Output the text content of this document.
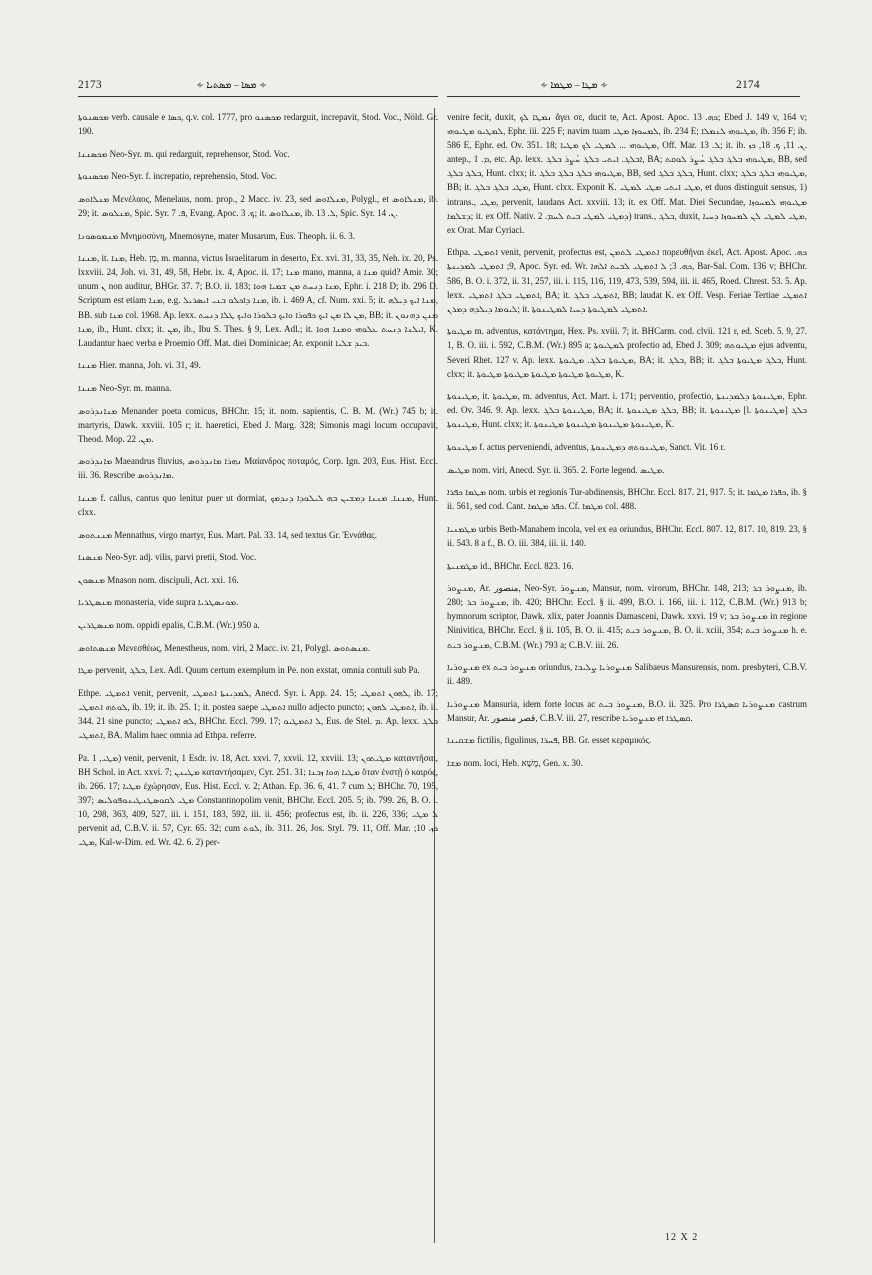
2173	∻ ܡܣܐ – ܡܣܬܝܐ ∻	∻ ܡܛܐ – ܡܛܡܐ ∻	2174
ܡܟܣܢܘܬܐ verb. causale e ܟܣܐ, q.v. col. 1777, pro ܡܟܣܢܘ redarguit, increpavit, Stod. Voc., Nöld. Gr. 190.
ܡܟܣܢܢܐ Neo-Syr. m. qui redarguit, reprehensor, Stod. Voc.
ܡܟܣܢܘܬܐ Neo-Syr. f. increpatio, reprehensio, Stod. Voc.
ܡܢܠܐܘܣ Μενέλαος, Menelaus, nom. prop., 2 Macc. iv. 23, sed ܡܢܠܐܘܣ, Polygl., et ܡܢܠܐܘܣ, ib. 29; it. ܡܢܠܘܣ, Spic. Syr. ܦ. 7, Evang. Apoc. ܟ. 3; it. ܡܢܠܐܘܣ, ib. ܠ. 13, Spic. Syr. ܢ. 14.
ܡܢܡܘܣܘܢܐ Μνημοσύνη, Mnemosyne, mater Musarum, Eus. Theoph. ii. 6. 3.
ܡܢܢܐ, it. ܡܢܐ, Heb. מָן, m. manna, victus Israelitarum in deserto, Ex. xvi. 31, 33, 35, Neh. ix. 20, Ps. lxxviii. 24, Joh. vi. 31, 49, 58, Hebr. ix. 4, Apoc. ii. 17; ܡܢܐ mano, manna, a ܡܢܐ quid? Amir. 30; unum ܢ non auditur, BHGr. 37. 7; B.O. ii. 183; ܡܢܐ ܕܢܚܬ ܡܢ ܫܡܝܐ ܗܘܐ, Ephr. i. 218 D; ib. 296 D. Scriptum est etiam ܡܢܐ, e.g. ܡܢܐ ܕܐܟܠܘ ܒܢܝ ܐܝܣܪܝܠ, ib. i. 469 A, cf. Num. xxi. 5; it. ܡܢܐ ܐܝܟ ܕܝܠܗ, BB. sub ܡܢܐ col. 1968. Ap. lexx. ܡܢ ܠܐ ܡܢ ܐܝܟ ܟܦܘܪܐ ܘܐܝܟ ܒܠܘܪܐ ܘܐܝܟ ܛܠܐ ܕܢܚܬ, BB; it. ܡܢܢ ܕܗܢܘܢ ܡܢܐ, ib., Hunt. clxx; it. ܡܢ, ib., Ibu S. Thes. § 9, Lex. Adl.; it. ܐܝܠܢܐ ܕܢܚܬ ܥܠܘܗܝ ܘܡܢܐ ܗܘܐ, K. Laudantur haec verba e Proemio Off. Mat. diei Dominicae; Ar. exponit ܒܝܕ ܫܠܝܐ.
ܡܢܢܐ Hier. manna, Joh. vi. 31, 49.
ܡܢܢܐ Neo-Syr. m. manna.
ܡܢܐܢܕܪܘܣ Menander poeta comicus, BHChr. 15; it. nom. sapientis, C. B. M. (Wr.) 745 b; it. martyris, Dawk. xxviii. 105 r; it. haeretici, Ebed J. Marg. 328; Simonis magi locum occupavit, Theod. Mop. ܡܢ. 22.
ܡܐܢܕܪܘܣ Maeandrus fluvius, ܢܗܪܐ ܡܐܢܕܪܘܣ Μαίανδρος ποταμός, Corp. Ign. 203, Eus. Hist. Eccl. iii. 36. Rescribe ܡܐܢܕܪܘܣ.
ܡܢܢܐ f. callus, cantus quo lenitur puer ut dormiat, ܡܢܢܐ. ܡܢܢܐ ܕܡܫܝܢ ܒܗ ܠܝܠܘܕܐ ܕܢܕܡܟ, Hunt. clxx.
ܡܢܢܬܘܣ Mennathus, virgo martyr, Eus. Mart. Pal. 33. 14, sed textus Gr. Ἐννάθας.
ܡܢܣܢܐ Neo-Syr. adj. vilis, parvi pretii, Stod. Voc.
ܡܢܣܘܢ Mnason nom. discipuli, Act. xxi. 16.
ܡܢܣܛܪܝܐ monasteria, vide supra ܡܘܢܣܛܪܝܐ.
ܡܢܣܛܪܝܢ nom. oppidi epalis, C.B.M. (Wr.) 950 a.
ܡܢܣܬܐܘܣ Μενεσθέως, Menestheus, nom. viri, 2 Macc. iv. 21, Polygl. ܡܢܣܬܘܣ.
ܡܛܐ pervenit, ܒܠܓ, Lex. Adl. Quum certum exemplum in Pe. non exstat, omnia contuli sub Pa.
Ethpe. ܐܬܡܛܝ venit, pervenit, ܠܡܕܝܢܬܐ ܐܬܡܛܝ, Anecd. Syr. i. App. 24. 15; ܠܗܘܢ ܐܬܡܛܝ, ib. 17; ܠܘܬܗ ܐܬܡܛܝ, ib. 19; it. ib. 25. 1; it. postea saepe ܐܬܡܛܝ nullo adjecto puncto; ܐܬܡܛܝ ܠܗܘܢ, ib. ii. 344. 21 sine puncto; ܠܗ ܐܬܡܛܝ, BHChr. Eccl. 799. 17; ܠ ܐܬܡܛܝܘ, Eus. de Stel. ܡ. Ap. lexx. ܒܠܓ ܐܬܡܛܝ, BA. Malim haec omnia ad Ethpa. referre.
Pa. ܡܛܝ, 1) venit, pervenit, 1 Esdr. iv. 18, Act. xxvi. 7, xxvii. 12, xxviii. 13; ܡܛܝܬܘܢ καταντῆσαι, BH Schol. in Act. xxvi. 7; ܡܛܝܢܢ καταντήσαμεν, Cyr. 251. 31; ܡܛܝܐ ܗܘܐ ܙܒܢܐ ὅταν ἐνστῇ ὁ καιρός, ib. 266. 17; ܡܛܝܐ ἐχώρησαν, Eus. Hist. Eccl. v. 2; Athan. Ep. 36. 6, 41. 7 cum ܠ; BHChr. 70, 195, 397; ܡܛܝ ܠܩܘܣܛܢܛܝܢܘܦܘܠܝܣ Constantinopolim venit, BHChr. Eccl. 205. 5; ib. 799. 26, B. O. i. 10, 298, 363, 409, 527, iii. i. 151, 183, 592, iii. ii. 456; profectus est, ib. ii. 226, 336; ܠ ܡܛܝ pervenit ad, C.B.V. ii. 57, Cyr. 65. 32; cum ܠܘܬ, ib. 311. 26, Jos. Styl. 79. 11, Off. Mar. ܟܙ. 10; ܡܛܝ, Kal-w-Dim. ed. Wr. 42. 6. 2) per-
venire fecit, duxit, ܢܡܛܐ ܠܟ ἄγει σε, ducit te, Act. Apost. Apoc. ܟܗ. 13; Ebed J. 149 v, 164 v; ܠܡܛܝܘ ܡܛܝܘܗܝ, Ephr. iii. 225 F; navim tuam ܠܡܚܘܙܐ ܡܛܝ, ib. 234 E; ܡܛܝܘܗܝ ܠܢܡܠܐ, ib. 356 F; ib. 586 E, Ephr. ed. Ov. 351. 18; ܡܛܝܘܗܝ ... ܠܡܛܝ ܠܟ ܡܛܝܐ, Off. Mar. ܠ. 13; it. ib. ܢ. 11, ܟ. 18, ܟܙ. antep., ܡ. 1, etc. Ap. lexx. ܐܒܠܓ. ܐܝܬܝ ܒܠܓ ܚܳܨܪ ܒܠܓ, BA; ܡܛܝܘܗܝ ܒܠܓ ܒܠܓ ܚܳܨܪ ܠܘܩܬ, BB, sed ܒܠܓ ܒܠܓ, Hunt. clxx; it. ܡܛܝܘܗܝ ܒܠܓ ܒܠܓ ܒܠܓ, BB, sed ܒܠܓ ܒܠܓ, Hunt. clxx; ܡܛܝܘܗܝ ܒܠܓ ܒܠܓ, BB; it. ܡܛܝ ܒܠܓ ܒܠܓ, Hunt. clxx. Exponit K. ܡܛܝ ܐܝܬܝ ܡܛܝ ܠܡܛܝ, et duos distinguit sensus, 1) intrans., ܡܛܝ, pervenit, laudans Act. xxviii. 13; it. ex Off. Mat. Diei Secundae, ܡܛܝܘܗܝ ܠܡܚܘܙܐ ܕܫܠܡܐ; it. ex Off. Nativ. ܕܡܛܝ ܠܡܛܝ ܒܝܬ ܠܚܡ. 2) trans., ܒܠܓ, duxit, ܡܛܝ ܠܡܛܝ ܠܢ ܠܡܚܘܙܐ ܕܚܝܐ, ex Orat. Mar Cyriaci.
Ethpa. ܐܬܡܛܝ venit, pervenit, profectus est, ܐܬܡܛܝ ܠܬܡܢ πορευθῆναι ἐκεῖ, Act. Apost. Apoc. ܟܗ. 9; ܐܬܡܛܝ ܠܡܕܝܢܬܐ, Apoc. Syr. ed. Wr. ܟܗ. 3; ܠ ܐܬܡܛܝ ܠܒܝܬ ܐܠܗܐ, Bar-Sal. Com. 136 v; BHChr. 586, B. O. i. 372, ii. 31, 257, iii. i. 115, 116, 119, 473, 539, 594, iii. ii. 465, Roed. Chrest. 53. 5. Ap. lexx. ܐܬܡܛܝ ܒܠܓ ܐܬܡܛܝ, BA; it. ܐܬܡܛܝ ܒܠܓ, BB; laudat K. ex Off. Vesp. Feriae Tertiae ܐܬܡܛܝ ܠܝܘܡܐ ܕܝܠܕܗ ܕܡܪܢ; it. ܐܬܡܛܝ ܠܡܛܝܘܬܐ ܕܚܝܐ ܠܡܛܝܢܘܬܐ.
ܡܛܝܘܬܐ m. adventus, κατάντημα, Hex. Ps. xviii. 7; it. BHCarm. cod. clvii. 121 r, ed. Sceb. 5. 9, 27. 1, B. O. iii. i. 592, C.B.M. (Wr.) 895 a; ܠܡܛܝܘܬܐ profectio ad, Ebed J. 309; ܡܛܝܘܬܗ ejus adventu, Severi Rhet. 127 v. Ap. lexx. ܡܛܝܘܬܐ ܒܠܓ. ܡܛܝܘܬܐ, BA; it. ܒܠܓ, BB; it. ܒܠܓ ܡܛܝܘܬܐ ܒܠܓ, Hunt. clxx; it. ܡܛܝܘܬܐ ܡܛܝܘܬܐ ܡܛܝܘܬܐ ܡܛܝܘܬܐ ܡܛܝܘܬܐ, K.
ܡܛܝܢܘܬܐ, it. ܡܛܝܘܬܐ, m. adventus, Act. Mart. i. 171; perventio, profectio, ܡܛܝܢܘܬܐ ܕܠܡܕܝܢܬܐ, Ephr. ed. Ov. 346. 9. Ap. lexx. ܡܛܝܢܘܬܐ ܒܠܓ, BA; it. ܒܠܓ ܡܛܝܢܘܬܐ, BB; it. ܡܛܝܢܘܬܐ [l. ܡܛܝܢܘܬܐ] ܒܠܓ ܡܛܝܢܘܬܐ, Hunt. clxx; it. ܡܛܝܢܘܬܐ ܡܛܝܢܘܬܐ ܡܛܝܢܘܬܐ ܡܛܝܢܘܬܐ, K.
ܡܛܝܢܘܬܐ f. actus perveniendi, adventus, ܡܛܝܢܘܬܗ ܕܡܛܝܢܘܬܐ, Sanct. Vit. 16 r.
ܡܛܝܣ nom. viri, Anecd. Syr. ii. 365. 2. Forte legend. ܡܛܝܣ.
ܡܛܡܐ ܟܦܪܐ nom. urbis et regionis Tur-abdinensis, BHChr. Eccl. 817. 21, 917. 5; it. ܟܦܪܐ ܡܛܡܐ, ib. § ii. 561, sed cod. Cant. ܟܦܪ ܡܛܡܐ. Cf. ܡܛܡܐ col. 488.
ܡܛܡܢܝܐ urbis Beth-Manahem incola, vel ex ea oriundus, BHChr. Eccl. 807. 12, 817. 10, 819. 23, § ii. 543. 8 a f., B. O. iii. 384, iii. ii. 140.
ܡܛܡܢܝܬܐ id., BHChr. Eccl. 823. 16.
ܡܢܨܘܪ, Ar. منصور, Neo-Syr. ܡܢܨܘܪ, Mansur, nom. virorum, BHChr. 148, 213; ܡܢܨܘܪ ܒܪ, ib. 280; ܡܢܨܘܪ ܒܪ, ib. 420; BHChr. Eccl. § ii. 499, B.O. i. 166, iii. i. 112, C.B.M. (Wr.) 913 b; hymnorum scriptor, Dawk. xlix, pater Joannis Damasceni, Dawk. xxvi. 19 v; ܡܢܨܘܪ ܒܪ in regione Ninivitica, BHChr. Eccl. § ii. 105, B. O. ii. 415; ܡܢܨܘܪ ܒܝܬ, B. O. ii. xciii, 354; ܡܢܨܘܪ ܒܝܬ h. e. ܡܢܨܘܪ ܒܝܬ, C.B.M. (Wr.) 793 a; C.B.V. iii. 26.
ܡܢܨܘܪܝܐ ex ܡܢܨܘܪ ܒܝܬ oriundus, ܡܢܨܘܪܝܐ ܨܠܝܒܐ Salibaeus Mansurensis, nom. presbyteri, C.B.V. ii. 489.
ܡܢܨܘܪܝܐ Mansuria, idem forte locus ac ܡܢܨܘܪ ܒܝܬ, B.O. ii. 325. Pro ܡܢܨܘܪܝܐ ܩܣܛܪܐ castrum Mansur, Ar. قصر منصور, C.B.V. iii. 27, rescribe ܡܢܨܘܪܝܐ et ܩܣܛܪܐ.
ܡܫܩܝܢܐ fictilis, figulinus, ܦܚܪܐ, BB. Gr. esset κεραμικός.
ܡܫܐ nom. loci, Heb. מֶשָׁא, Gen. x. 30.
12 X 2
